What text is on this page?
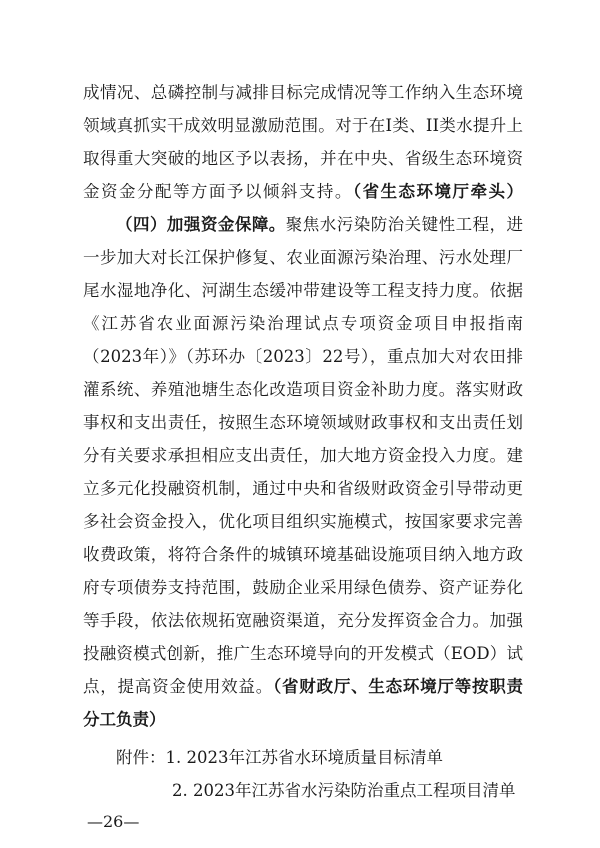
成情况、总磷控制与减排目标完成情况等工作纳入生态环境
领域真抓实干成效明显激励范围。对于在I类、II类水提升上
取得重大突破的地区予以表扬，并在中央、省级生态环境资
金资金分配等方面予以倾斜支持。（省生态环境厅牵头）
（四）加强资金保障。聚焦水污染防治关键性工程，进
一步加大对长江保护修复、农业面源污染治理、污水处理厂
尾水湿地净化、河湖生态缓冲带建设等工程支持力度。依据
《江苏省农业面源污染治理试点专项资金项目申报指南
（2023年）》（苏环办〔2023〕22号），重点加大对农田排
灌系统、养殖池塘生态化改造项目资金补助力度。落实财政
事权和支出责任，按照生态环境领域财政事权和支出责任划
分有关要求承担相应支出责任，加大地方资金投入力度。建
立多元化投融资机制，通过中央和省级财政资金引导带动更
多社会资金投入，优化项目组织实施模式，按国家要求完善
收费政策，将符合条件的城镇环境基础设施项目纳入地方政
府专项债券支持范围，鼓励企业采用绿色债券、资产证券化
等手段，依法依规拓宽融资渠道，充分发挥资金合力。加强
投融资模式创新，推广生态环境导向的开发模式（EOD）试
点，提高资金使用效益。（省财政厅、生态环境厅等按职责
分工负责）
附件：1. 2023年江苏省水环境质量目标清单
2. 2023年江苏省水污染防治重点工程项目清单
—26—
